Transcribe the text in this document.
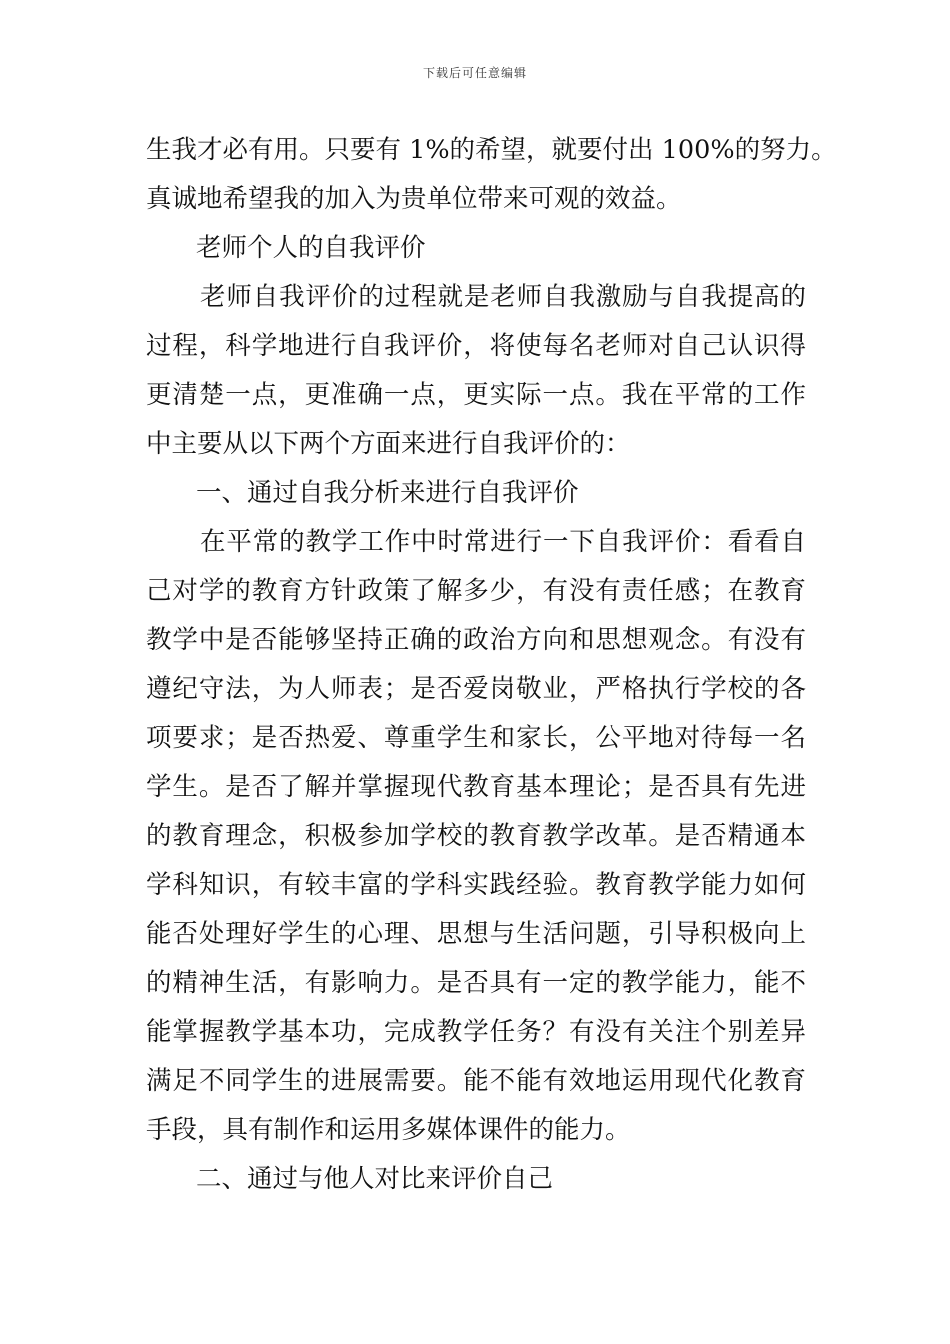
下载后可任意编辑
生我才必有用。只要有 1%的希望，就要付出 100%的努力。
真诚地希望我的加入为贵单位带来可观的效益。
老师个人的自我评价
老师自我评价的过程就是老师自我激励与自我提高的
过程，科学地进行自我评价，将使每名老师对自己认识得
更清楚一点，更准确一点，更实际一点。我在平常的工作
中主要从以下两个方面来进行自我评价的：
一、通过自我分析来进行自我评价
在平常的教学工作中时常进行一下自我评价：看看自
己对学的教育方针政策了解多少，有没有责任感；在教育
教学中是否能够坚持正确的政治方向和思想观念。有没有
遵纪守法，为人师表；是否爱岗敬业，严格执行学校的各
项要求；是否热爱、尊重学生和家长，公平地对待每一名
学生。是否了解并掌握现代教育基本理论；是否具有先进
的教育理念，积极参加学校的教育教学改革。是否精通本
学科知识，有较丰富的学科实践经验。教育教学能力如何
能否处理好学生的心理、思想与生活问题，引导积极向上
的精神生活，有影响力。是否具有一定的教学能力，能不
能掌握教学基本功，完成教学任务？有没有关注个别差异
满足不同学生的进展需要。能不能有效地运用现代化教育
手段，具有制作和运用多媒体课件的能力。
二、通过与他人对比来评价自己
